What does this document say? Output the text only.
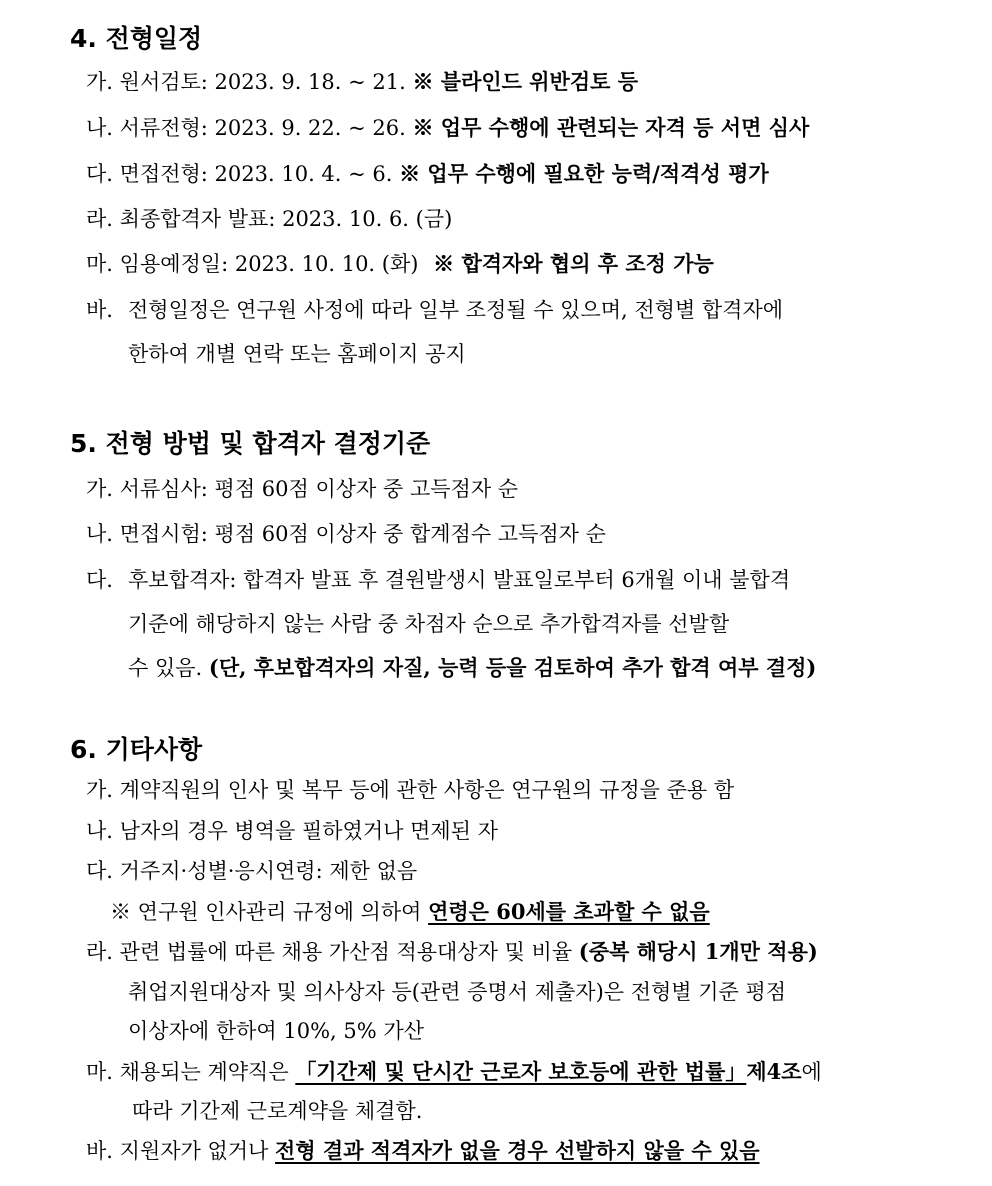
4. 전형일정
가. 원서검토: 2023. 9. 18. ~ 21. ※ 블라인드 위반검토 등
나. 서류전형: 2023. 9. 22. ~ 26. ※ 업무 수행에 관련되는 자격 등 서면 심사
다. 면접전형: 2023. 10. 4. ~ 6. ※ 업무 수행에 필요한 능력/적격성 평가
라. 최종합격자 발표: 2023. 10. 6. (금)
마. 임용예정일: 2023. 10. 10. (화) ※ 합격자와 협의 후 조정 가능
바. 전형일정은 연구원 사정에 따라 일부 조정될 수 있으며, 전형별 합격자에
한하여 개별 연락 또는 홈페이지 공지
5. 전형 방법 및 합격자 결정기준
가. 서류심사: 평점 60점 이상자 중 고득점자 순
나. 면접시험: 평점 60점 이상자 중 합계점수 고득점자 순
다. 후보합격자: 합격자 발표 후 결원발생시 발표일로부터 6개월 이내 불합격
기준에 해당하지 않는 사람 중 차점자 순으로 추가합격자를 선발할
수 있음. (단, 후보합격자의 자질, 능력 등을 검토하여 추가 합격 여부 결정)
6. 기타사항
가. 계약직원의 인사 및 복무 등에 관한 사항은 연구원의 규정을 준용 함
나. 남자의 경우 병역을 필하였거나 면제된 자
다. 거주지·성별·응시연령: 제한 없음
※ 연구원 인사관리 규정에 의하여 연령은 60세를 초과할 수 없음
라. 관련 법률에 따른 채용 가산점 적용대상자 및 비율 (중복 해당시 1개만 적용)
취업지원대상자 및 의사상자 등(관련 증명서 제출자)은 전형별 기준 평점
이상자에 한하여 10%, 5% 가산
마. 채용되는 계약직은 「기간제 및 단시간 근로자 보호등에 관한 법률」제4조에
따라 기간제 근로계약을 체결함.
바. 지원자가 없거나 전형 결과 적격자가 없을 경우 선발하지 않을 수 있음
